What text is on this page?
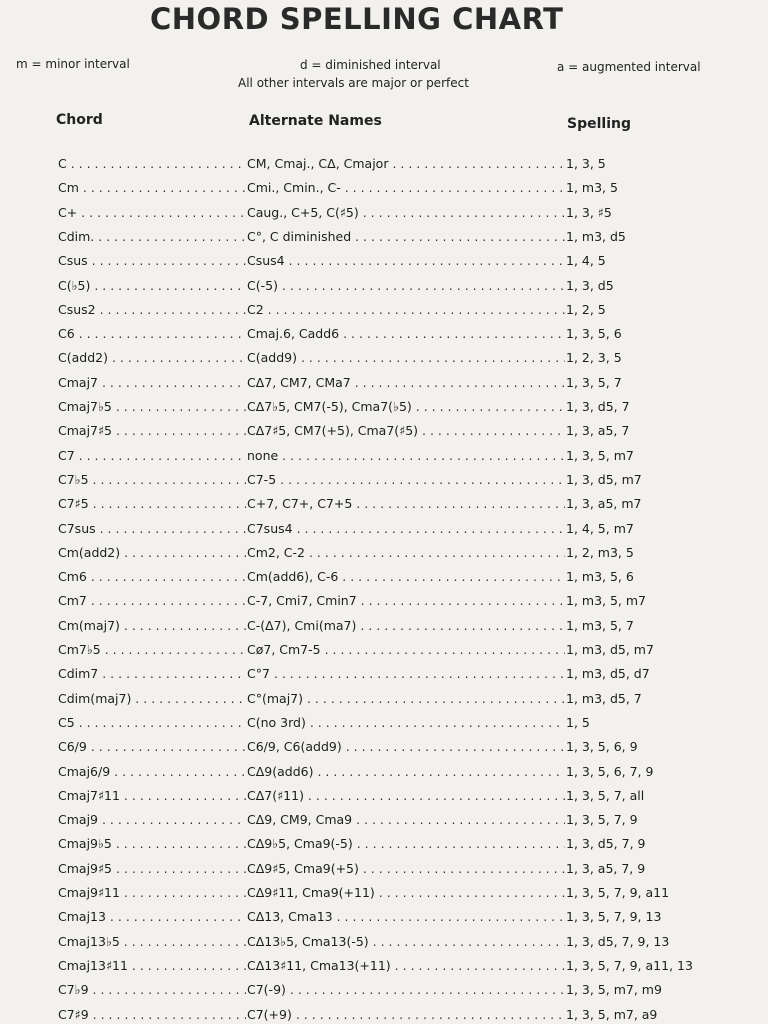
CHORD SPELLING CHART
m = minor interval	d = diminished interval	a = augmented interval
All other intervals are major or perfect
Chord	Alternate Names	Spelling
C . . .	CM, Cmaj., CΔ, Cmajor . . .	1, 3, 5
Cm . . .	Cmi., Cmin., C- . . .	1, m3, 5
C+ . . .	Caug., C+5, C(♯5) . . .	1, 3, ♯5
Cdim. . . .	C°, C diminished . . .	1, m3, d5
Csus . . .	Csus4 . . .	1, 4, 5
C(♭5) . . .	C(-5) . . .	1, 3, d5
Csus2 . . .	C2 . . .	1, 2, 5
C6 . . .	Cmaj.6, Cadd6 . . .	1, 3, 5, 6
C(add2) . . .	C(add9) . . .	1, 2, 3, 5
Cmaj7 . . .	CΔ7, CM7, CMa7 . . .	1, 3, 5, 7
Cmaj7♭5 . . .	CΔ7♭5, CM7(-5), Cma7(♭5) . . .	1, 3, d5, 7
Cmaj7♯5 . . .	CΔ7♯5, CM7(+5), Cma7(♯5) . . .	1, 3, a5, 7
C7 . . .	none . . .	1, 3, 5, m7
C7♭5 . . .	C7-5 . . .	1, 3, d5, m7
C7♯5 . . .	C+7, C7+, C7+5 . . .	1, 3, a5, m7
C7sus . . .	C7sus4 . . .	1, 4, 5, m7
Cm(add2) . . .	Cm2, C-2 . . .	1, 2, m3, 5
Cm6 . . .	Cm(add6), C-6 . . .	1, m3, 5, 6
Cm7 . . .	C-7, Cmi7, Cmin7 . . .	1, m3, 5, m7
Cm(maj7) . . .	C-(Δ7), Cmi(ma7) . . .	1, m3, 5, 7
Cm7♭5 . . .	Cø7, Cm7-5 . . .	1, m3, d5, m7
Cdim7 . . .	C°7 . . .	1, m3, d5, d7
Cdim(maj7) . . .	C°(maj7) . . .	1, m3, d5, 7
C5 . . .	C(no 3rd) . . .	1, 5
C6/9 . . .	C6/9, C6(add9) . . .	1, 3, 5, 6, 9
Cmaj6/9 . . .	CΔ9(add6) . . .	1, 3, 5, 6, 7, 9
Cmaj7♯11 . . .	CΔ7(♯11) . . .	1, 3, 5, 7, all
Cmaj9 . . .	CΔ9, CM9, Cma9 . . .	1, 3, 5, 7, 9
Cmaj9♭5 . . .	CΔ9♭5, Cma9(-5) . . .	1, 3, d5, 7, 9
Cmaj9♯5 . . .	CΔ9♯5, Cma9(+5) . . .	1, 3, a5, 7, 9
Cmaj9♯11 . . .	CΔ9♯11, Cma9(+11) . . .	1, 3, 5, 7, 9, a11
Cmaj13 . . .	CΔ13, Cma13 . . .	1, 3, 5, 7, 9, 13
Cmaj13♭5 . . .	CΔ13♭5, Cma13(-5) . . .	1, 3, d5, 7, 9, 13
Cmaj13♯11 . . .	CΔ13♯11, Cma13(+11) . . .	1, 3, 5, 7, 9, a11, 13
C7♭9 . . .	C7(-9) . . .	1, 3, 5, m7, m9
C7♯9 . . .	C7(+9) . . .	1, 3, 5, m7, a9
